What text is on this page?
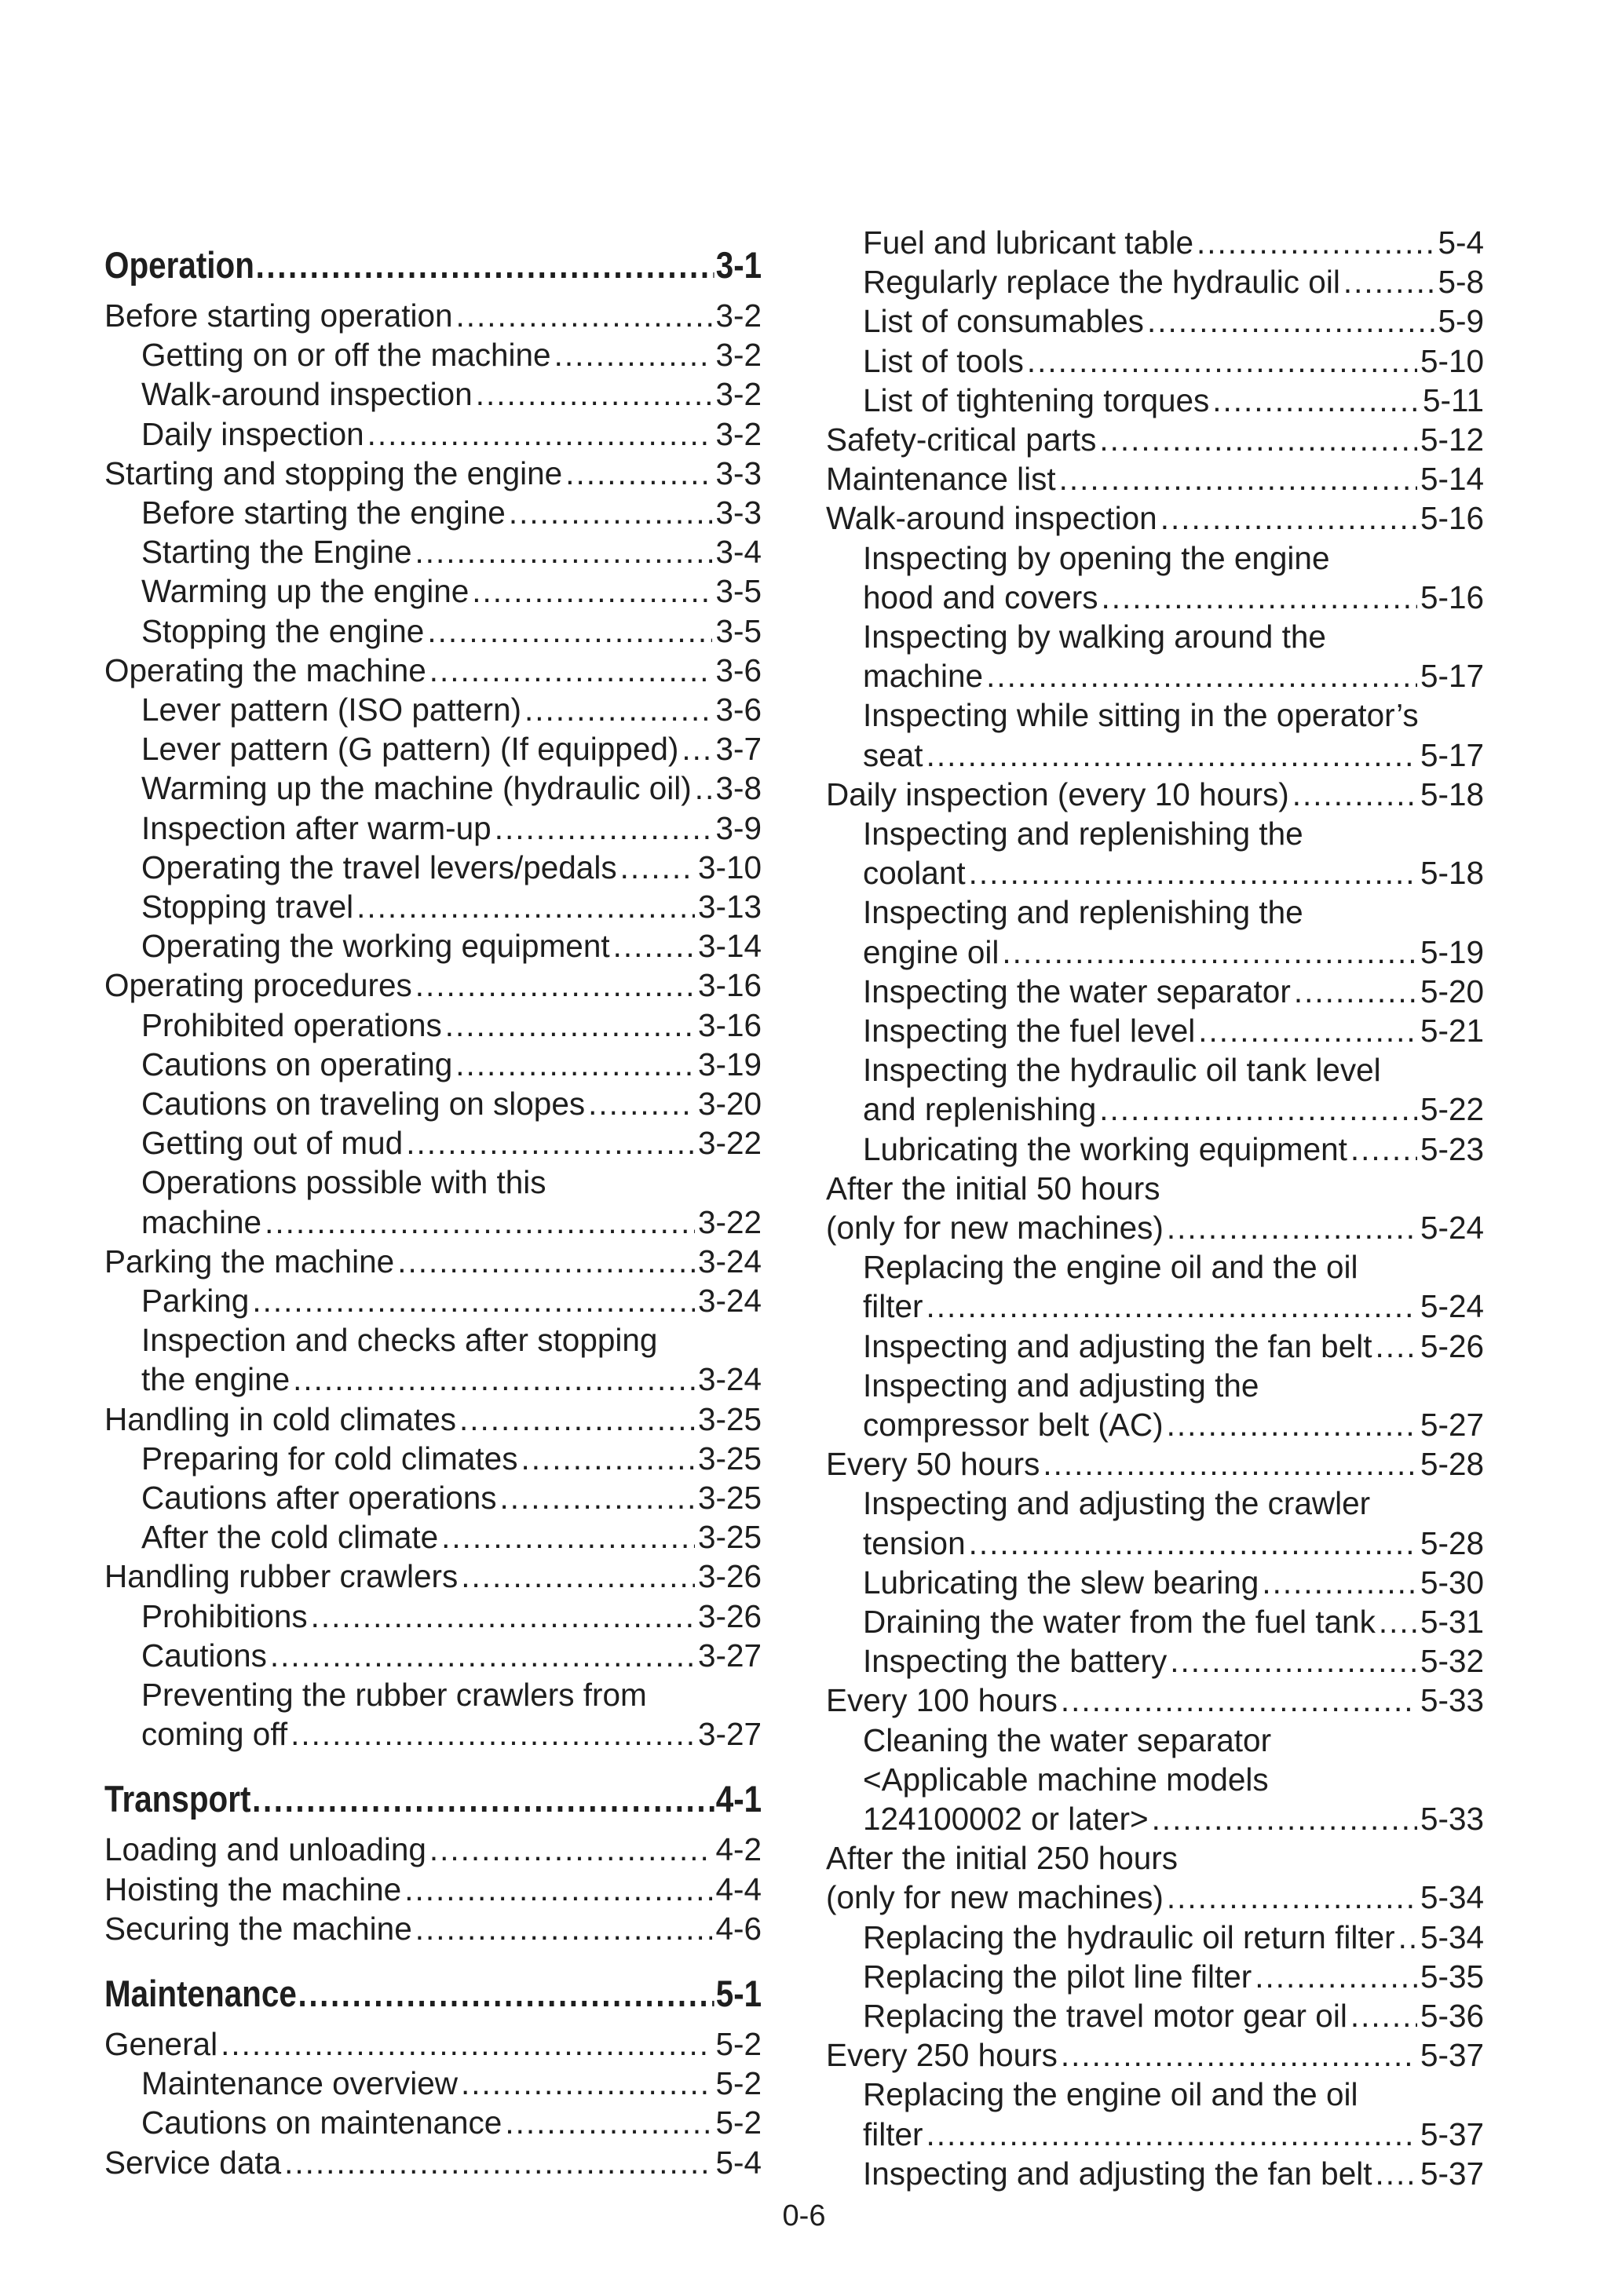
Operation .....	3-1
Before starting operation .....	3-2
Getting on or off the machine .....	3-2
Walk-around inspection .....	3-2
Daily inspection .....	3-2
Starting and stopping the engine .....	3-3
Before starting the engine .....	3-3
Starting the Engine .....	3-4
Warming up the engine .....	3-5
Stopping the engine .....	3-5
Operating the machine .....	3-6
Lever pattern (ISO pattern) .....	3-6
Lever pattern (G pattern) (If equipped) ..... 3-7
Warming up the machine (hydraulic oil) ..... 3-8
Inspection after warm-up .....	3-9
Operating the travel levers/pedals .....	3-10
Stopping travel .....	3-13
Operating the working equipment .....	3-14
Operating procedures .....	3-16
Prohibited operations .....	3-16
Cautions on operating .....	3-19
Cautions on traveling on slopes .....	3-20
Getting out of mud .....	3-22
Operations possible with this
machine .....	3-22
Parking the machine .....	3-24
Parking .....	3-24
Inspection and checks after stopping
the engine .....	3-24
Handling in cold climates .....	3-25
Preparing for cold climates .....	3-25
Cautions after operations .....	3-25
After the cold climate .....	3-25
Handling rubber crawlers .....	3-26
Prohibitions .....	3-26
Cautions .....	3-27
Preventing the rubber crawlers from
coming off .....	3-27
Transport .....	4-1
Loading and unloading .....	4-2
Hoisting the machine .....	4-4
Securing the machine .....	4-6
Maintenance .....	5-1
General .....	5-2
Maintenance overview .....	5-2
Cautions on maintenance .....	5-2
Service data .....	5-4
Fuel and lubricant table .....	5-4
Regularly replace the hydraulic oil .....	5-8
List of consumables .....	5-9
List of tools .....	5-10
List of tightening torques .....	5-11
Safety-critical parts .....	5-12
Maintenance list .....	5-14
Walk-around inspection .....	5-16
Inspecting by opening the engine
hood and covers .....	5-16
Inspecting by walking around the
machine .....	5-17
Inspecting while sitting in the operator’s
seat .....	5-17
Daily inspection (every 10 hours) .....	5-18
Inspecting and replenishing the
coolant .....	5-18
Inspecting and replenishing the
engine oil .....	5-19
Inspecting the water separator .....	5-20
Inspecting the fuel level .....	5-21
Inspecting the hydraulic oil tank level
and replenishing .....	5-22
Lubricating the working equipment ..... 5-23
After the initial 50 hours
(only for new machines) .....	5-24
Replacing the engine oil and the oil
filter .....	5-24
Inspecting and adjusting the fan belt ..... 5-26
Inspecting and adjusting the
compressor belt (AC) .....	5-27
Every 50 hours .....	5-28
Inspecting and adjusting the crawler
tension .....	5-28
Lubricating the slew bearing .....	5-30
Draining the water from the fuel tank ..... 5-31
Inspecting the battery .....	5-32
Every 100 hours .....	5-33
Cleaning the water separator
<Applicable machine models
124100002 or later> .....	5-33
After the initial 250 hours
(only for new machines) .....	5-34
Replacing the hydraulic oil return filter ..... 5-34
Replacing the pilot line filter .....	5-35
Replacing the travel motor gear oil ..... 5-36
Every 250 hours .....	5-37
Replacing the engine oil and the oil
filter .....	5-37
Inspecting and adjusting the fan belt ..... 5-37
0-6
